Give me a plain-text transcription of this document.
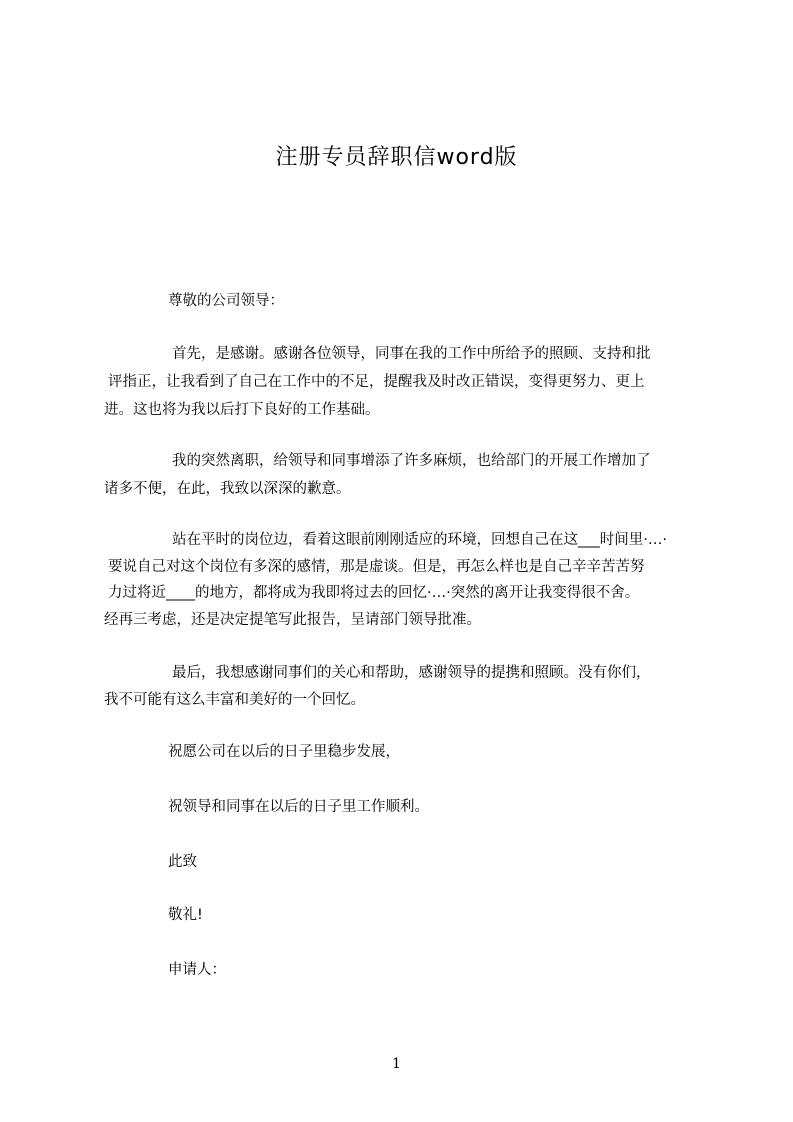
注册专员辞职信word版

尊敬的公司领导：

首先，是感谢。感谢各位领导，同事在我的工作中所给予的照顾、支持和批

评指正，让我看到了自己在工作中的不足，提醒我及时改正错误，变得更努力、更上

进。这也将为我以后打下良好的工作基础。

我的突然离职，给领导和同事增添了许多麻烦，也给部门的开展工作增加了

诸多不便，在此，我致以深深的歉意。

站在平时的岗位边，看着这眼前刚刚适应的环境，回想自己在这___时间里·…·

要说自己对这个岗位有多深的感情，那是虚谈。但是，再怎么样也是自己辛辛苦苦努

力过将近____的地方，都将成为我即将过去的回忆·…·突然的离开让我变得很不舍。

经再三考虑，还是决定提笔写此报告，呈请部门领导批准。

最后，我想感谢同事们的关心和帮助，感谢领导的提携和照顾。没有你们，

我不可能有这么丰富和美好的一个回忆。

祝愿公司在以后的日子里稳步发展，

祝领导和同事在以后的日子里工作顺利。

此致

敬礼!

申请人：

1
